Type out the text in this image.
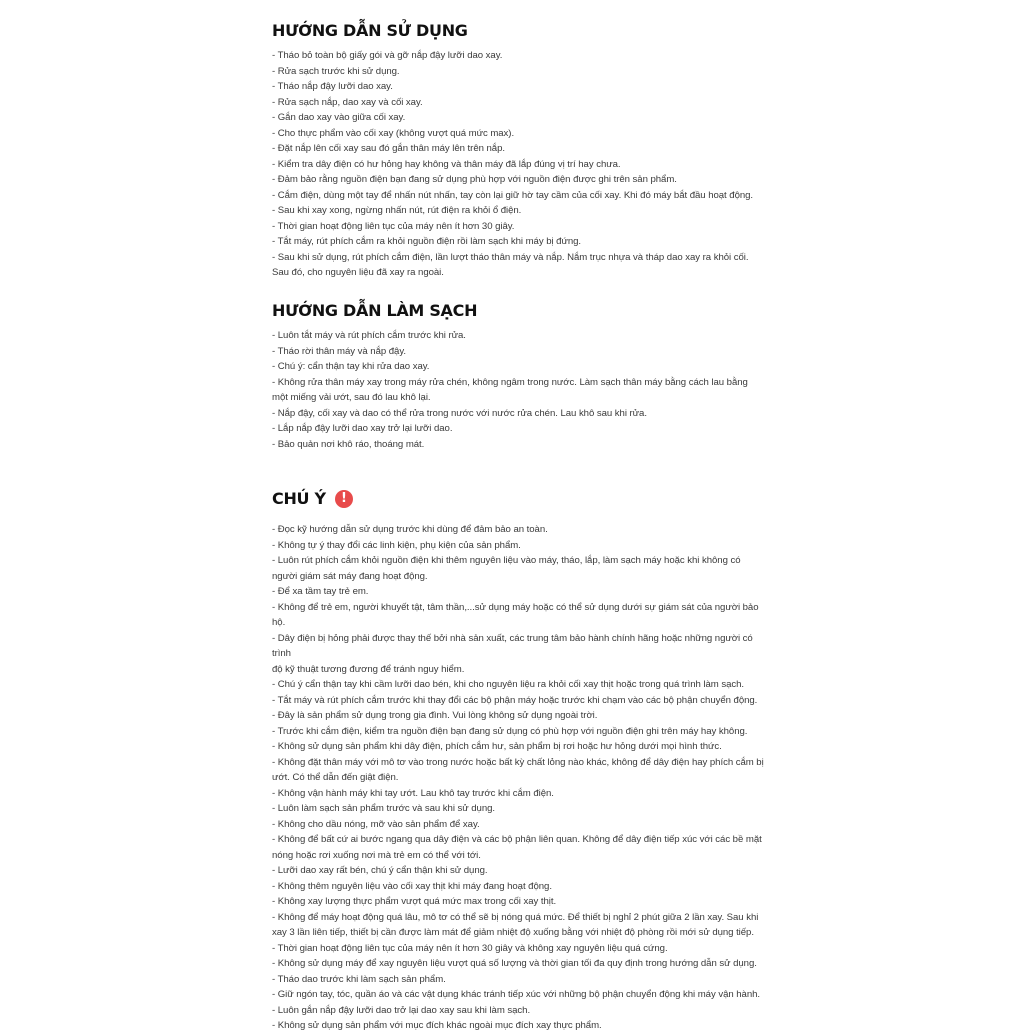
HƯỚNG DẪN SỬ DỤNG
- Tháo bỏ toàn bộ giấy gói và gỡ nắp đậy lưỡi dao xay.
- Rửa sạch trước khi sử dụng.
- Tháo nắp đậy lưỡi dao xay.
- Rửa sạch nắp, dao xay và cối xay.
- Gắn dao xay vào giữa cối xay.
- Cho thực phẩm vào cối xay (không vượt quá mức max).
- Đặt nắp lên cối xay sau đó gắn thân máy lên trên nắp.
- Kiểm tra dây điện có hư hỏng hay không và thân máy đã lắp đúng vị trí hay chưa.
- Đảm bảo rằng nguồn điện bạn đang sử dụng phù hợp với nguồn điện được ghi trên sản phẩm.
- Cắm điện, dùng một tay để nhấn nút nhấn, tay còn lại giữ hờ tay cầm của cối xay. Khi đó máy bắt đầu hoạt động.
- Sau khi xay xong, ngừng nhấn nút, rút điện ra khỏi ổ điện.
- Thời gian hoạt động liên tục của máy nên ít hơn 30 giây.
- Tắt máy, rút phích cắm ra khỏi nguồn điện rồi làm sạch khi máy bị đứng.
- Sau khi sử dụng, rút phích cắm điện, lần lượt tháo thân máy và nắp. Nắm trục nhựa và tháp dao xay ra khỏi cối.
Sau đó, cho nguyên liệu đã xay ra ngoài.
HƯỚNG DẪN LÀM SẠCH
- Luôn tắt máy và rút phích cắm trước khi rửa.
- Tháo rời thân máy và nắp đậy.
- Chú ý: cẩn thận tay khi rửa dao xay.
- Không rửa thân máy xay trong máy rửa chén, không ngâm trong nước. Làm sạch thân máy bằng cách lau bằng
một miếng vải ướt, sau đó lau khô lại.
- Nắp đậy, cối xay và dao có thể rửa trong nước với nước rửa chén. Lau khô sau khi rửa.
- Lắp nắp đậy lưỡi dao xay trở lại lưỡi dao.
- Bảo quản nơi khô ráo, thoáng mát.
CHÚ Ý	!
- Đọc kỹ hướng dẫn sử dụng trước khi dùng để đảm bảo an toàn.
- Không tự ý thay đổi các linh kiện, phụ kiện của sản phẩm.
- Luôn rút phích cắm khỏi nguồn điện khi thêm nguyên liệu vào máy, tháo, lắp, làm sạch máy hoặc khi không có
người giám sát máy đang hoạt động.
- Để xa tầm tay trẻ em.
- Không để trẻ em, người khuyết tật, tâm thần,...sử dụng máy hoặc có thể sử dụng dưới sự giám sát của người bảo hộ.
- Dây điện bị hỏng phải được thay thế bởi nhà sản xuất, các trung tâm bảo hành chính hãng hoặc những người có trình
độ kỹ thuật tương đương để tránh nguy hiểm.
- Chú ý cẩn thận tay khi cầm lưỡi dao bén, khi cho nguyên liệu ra khỏi cối xay thịt hoặc trong quá trình làm sạch.
- Tắt máy và rút phích cắm trước khi thay đổi các bộ phận máy hoặc trước khi chạm vào các bộ phận chuyển động.
- Đây là sản phẩm sử dụng trong gia đình. Vui lòng không sử dụng ngoài trời.
- Trước khi cắm điện, kiểm tra nguồn điện bạn đang sử dụng có phù hợp với nguồn điện ghi trên máy hay không.
- Không sử dụng sản phẩm khi dây điện, phích cắm hư, sản phẩm bị rơi hoặc hư hỏng dưới mọi hình thức.
- Không đặt thân máy với mô tơ vào trong nước hoặc bất kỳ chất lỏng nào khác, không để dây điện hay phích cắm bị
ướt. Có thể dẫn đến giật điện.
- Không vận hành máy khi tay ướt. Lau khô tay trước khi cắm điện.
- Luôn làm sạch sản phẩm trước và sau khi sử dụng.
- Không cho dầu nóng, mỡ vào sản phẩm để xay.
- Không để bất cứ ai bước ngang qua dây điện và các bộ phận liên quan. Không để dây điện tiếp xúc với các bề mặt
nóng hoặc rơi xuống nơi mà trẻ em có thể với tới.
- Lưỡi dao xay rất bén, chú ý cẩn thận khi sử dụng.
- Không thêm nguyên liệu vào cối xay thịt khi máy đang hoạt động.
- Không xay lượng thực phẩm vượt quá mức max trong cối xay thịt.
- Không để máy hoạt động quá lâu, mô tơ có thể sẽ bị nóng quá mức. Để thiết bị nghỉ 2 phút giữa 2 lần xay. Sau khi
xay 3 lần liên tiếp, thiết bị cần được làm mát để giảm nhiệt độ xuống bằng với nhiệt độ phòng rồi mới sử dụng tiếp.
- Thời gian hoạt động liên tục của máy nên ít hơn 30 giây và không xay nguyên liệu quá cứng.
- Không sử dụng máy để xay nguyên liệu vượt quá số lượng và thời gian tối đa quy định trong hướng dẫn sử dụng.
- Tháo dao trước khi làm sạch sản phẩm.
- Giữ ngón tay, tóc, quần áo và các vật dụng khác tránh tiếp xúc với những bộ phận chuyển động khi máy vận hành.
- Luôn gắn nắp đậy lưỡi dao trở lại dao xay sau khi làm sạch.
- Không sử dụng sản phẩm với mục đích khác ngoài mục đích xay thực phẩm.
